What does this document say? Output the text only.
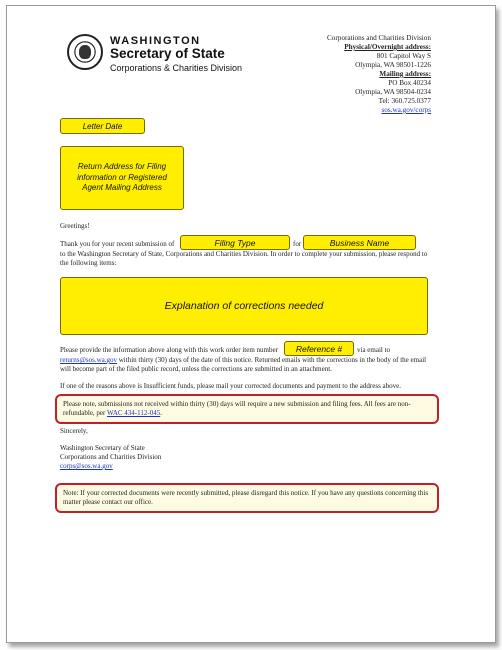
WASHINGTON
Secretary of State
Corporations & Charities Division
Corporations and Charities Division
Physical/Overnight address:
801 Capitol Way S
Olympia, WA 98501-1226
Mailing address:
PO Box 40234
Olympia, WA 98504-0234
Tel: 360.725.0377
sos.wa.gov/corps
Letter Date
Return Address for Filing information or Registered Agent Mailing Address
Greetings!
Thank you for your recent submission of	Filing Type	for	Business Name
to the Washington Secretary of State, Corporations and Charities Division. In order to complete your submission, please respond to the following items:
Explanation of corrections needed
Please provide the information above along with this work order item number	Reference #	via email to
returns@sos.wa.gov within thirty (30) days of the date of this notice. Returned emails with the corrections in the body of the email will become part of the filed public record, unless the corrections are submitted in an attachment.
If one of the reasons above is Insufficient funds, please mail your corrected documents and payment to the address above.
Please note, submissions not received within thirty (30) days will require a new submission and filing fees. All fees are non-refundable, per WAC 434-112-045.
Sincerely,
Washington Secretary of State
Corporations and Charities Division
corps@sos.wa.gov
Note: If your corrected documents were recently submitted, please disregard this notice. If you have any questions concerning this matter please contact our office.
